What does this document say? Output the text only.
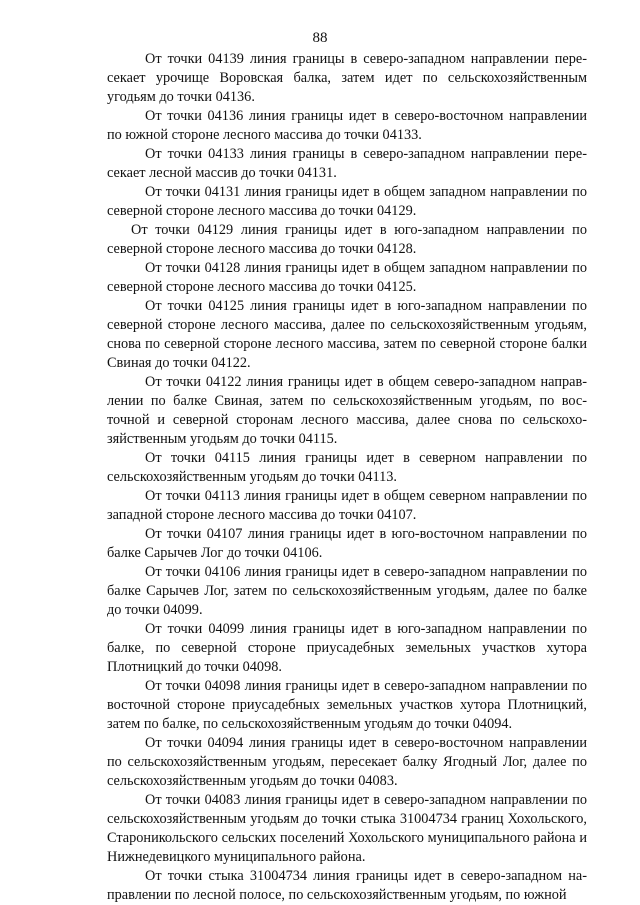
88

От точки 04139 линия границы в северо-западном направлении пересекает урочище Воровская балка, затем идет по сельскохозяйственным угодьям до точки 04136.

От точки 04136 линия границы идет в северо-восточном направлении по южной стороне лесного массива до точки 04133.

От точки 04133 линия границы в северо-западном направлении пересекает лесной массив до точки 04131.

От точки 04131 линия границы идет в общем западном направлении по северной стороне лесного массива до точки 04129.

От точки 04129 линия границы идет в юго-западном направлении по северной стороне лесного массива до точки 04128.

От точки 04128 линия границы идет в общем западном направлении по северной стороне лесного массива до точки 04125.

От точки 04125 линия границы идет в юго-западном направлении по северной стороне лесного массива, далее по сельскохозяйственным угодьям, снова по северной стороне лесного массива, затем по северной стороне балки Свиная до точки 04122.

От точки 04122 линия границы идет в общем северо-западном направлении по балке Свиная, затем по сельскохозяйственным угодьям, по восточной и северной сторонам лесного массива, далее снова по сельскохозяйственным угодьям до точки 04115.

От точки 04115 линия границы идет в северном направлении по сельскохозяйственным угодьям до точки 04113.

От точки 04113 линия границы идет в общем северном направлении по западной стороне лесного массива до точки 04107.

От точки 04107 линия границы идет в юго-восточном направлении по балке Сарычев Лог до точки 04106.

От точки 04106 линия границы идет в северо-западном направлении по балке Сарычев Лог, затем по сельскохозяйственным угодьям, далее по балке до точки 04099.

От точки 04099 линия границы идет в юго-западном направлении по балке, по северной стороне приусадебных земельных участков хутора Плотницкий до точки 04098.

От точки 04098 линия границы идет в северо-западном направлении по восточной стороне приусадебных земельных участков хутора Плотницкий, затем по балке, по сельскохозяйственным угодьям до точки 04094.

От точки 04094 линия границы идет в северо-восточном направлении по сельскохозяйственным угодьям, пересекает балку Ягодный Лог, далее по сельскохозяйственным угодьям до точки 04083.

От точки 04083 линия границы идет в северо-западном направлении по сельскохозяйственным угодьям до точки стыка 31004734 границ Хохольского, Староникольского сельских поселений Хохольского муниципального района и Нижнедевицкого муниципального района.

От точки стыка 31004734 линия границы идет в северо-западном направлении по лесной полосе, по сельскохозяйственным угодьям, по южной
